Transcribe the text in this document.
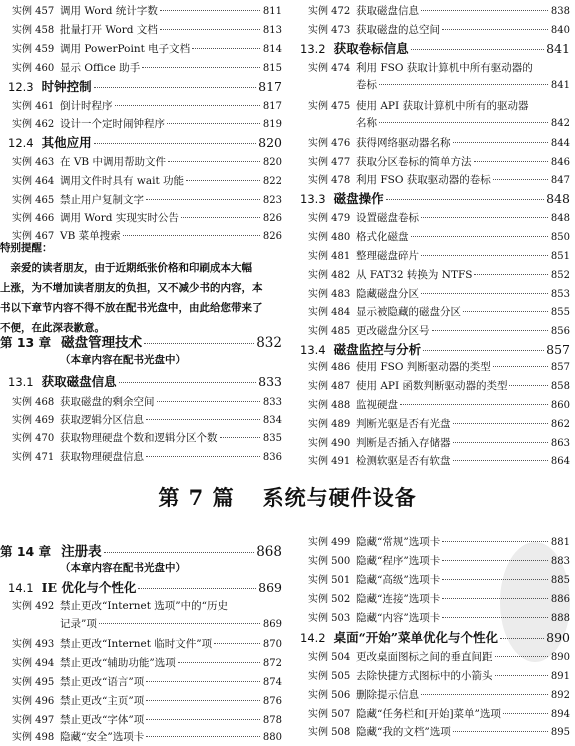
实例 457 调用 Word 统计字数	811
实例 458 批量打开 Word 文档	813
实例 459 调用 PowerPoint 电子文档	814
实例 460 显示 Office 助手	815
12.3 时钟控制	817
实例 461 倒计时程序	817
实例 462 设计一个定时闹钟程序	819
12.4 其他应用	820
实例 463 在 VB 中调用帮助文件	820
实例 464 调用文件时具有 wait 功能	822
实例 465 禁止用户复制文字	823
实例 466 调用 Word 实现实时公告	826
实例 467 VB 菜单搜索	826
特别提醒：
　亲爱的读者朋友，由于近期纸张价格和印刷成本大幅
上涨，为不增加读者朋友的负担，又不减少书的内容，本
书以下章节内容不得不放在配书光盘中，由此给您带来了
不便，在此深表歉意。
第 13 章 磁盘管理技术	832
（本章内容在配书光盘中）
13.1 获取磁盘信息	833
实例 468 获取磁盘的剩余空间	833
实例 469 获取逻辑分区信息	834
实例 470 获取物理硬盘个数和逻辑分区个数	835
实例 471 获取物理硬盘信息	836
实例 472 获取磁盘信息	838
实例 473 获取磁盘的总空间	840
13.2 获取卷标信息	841
实例 474 利用 FSO 获取计算机中所有驱动器的
卷标	841
实例 475 使用 API 获取计算机中所有的驱动器
名称	842
实例 476 获得网络驱动器名称	844
实例 477 获取分区卷标的简单方法	846
实例 478 利用 FSO 获取驱动器的卷标	847
13.3 磁盘操作	848
实例 479 设置磁盘卷标	848
实例 480 格式化磁盘	850
实例 481 整理磁盘碎片	851
实例 482 从 FAT32 转换为 NTFS	852
实例 483 隐藏磁盘分区	853
实例 484 显示被隐藏的磁盘分区	855
实例 485 更改磁盘分区号	856
13.4 磁盘监控与分析	857
实例 486 使用 FSO 判断驱动器的类型	857
实例 487 使用 API 函数判断驱动器的类型	858
实例 488 监视硬盘	860
实例 489 判断光驱是否有光盘	862
实例 490 判断是否插入存储器	863
实例 491 检测软驱是否有软盘	864
第 7 篇 系统与硬件设备
第 14 章 注册表	868
（本章内容在配书光盘中）
14.1 IE 优化与个性化	869
实例 492 禁止更改“Internet 选项”中的“历史
记录”项	869
实例 493 禁止更改“Internet 临时文件”项	870
实例 494 禁止更改“辅助功能”选项	872
实例 495 禁止更改“语言”项	874
实例 496 禁止更改“主页”项	876
实例 497 禁止更改“字体”项	878
实例 498 隐藏“安全”选项卡	880
实例 499 隐藏“常规”选项卡	881
实例 500 隐藏“程序”选项卡	883
实例 501 隐藏“高级”选项卡	885
实例 502 隐藏“连接”选项卡	886
实例 503 隐藏“内容”选项卡	888
14.2 桌面“开始”菜单优化与个性化	890
实例 504 更改桌面图标之间的垂直间距	890
实例 505 去除快捷方式图标中的小箭头	891
实例 506 删除提示信息	892
实例 507 隐藏“任务栏和[开始]菜单”选项	894
实例 508 隐藏“我的文档”选项	895
